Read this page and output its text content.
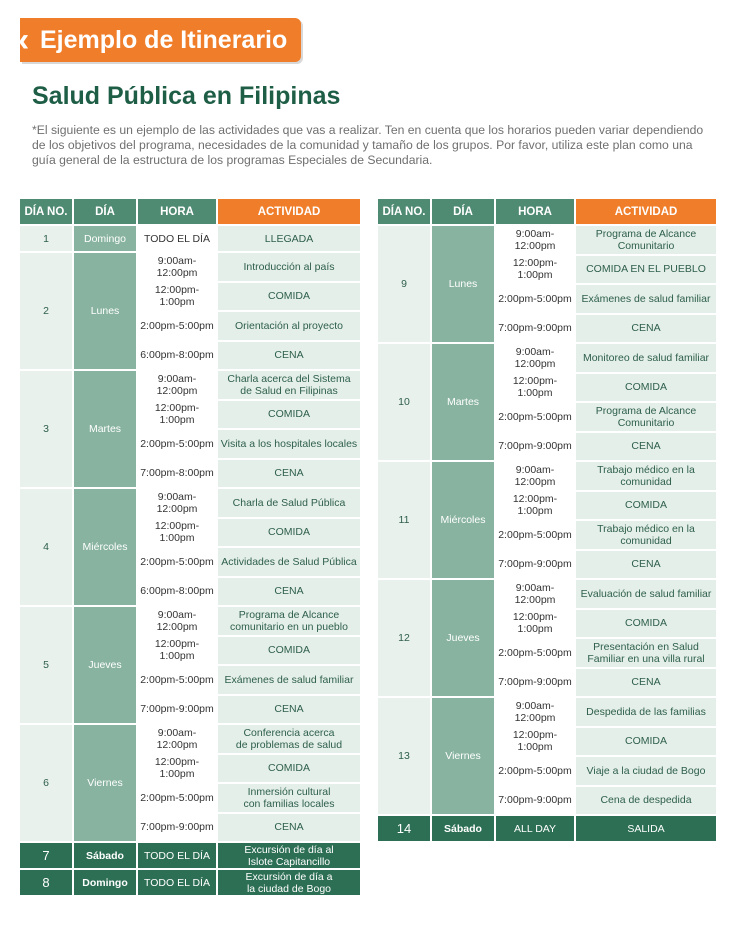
‹ Ejemplo de Itinerario
Salud Pública en Filipinas
*El siguiente es un ejemplo de las actividades que vas a realizar. Ten en cuenta que los horarios pueden variar dependiendo de los objetivos del programa, necesidades de la comunidad y tamaño de los grupos. Por favor, utiliza este plan como una guía general de la estructura de los programas Especiales de Secundaria.
DÍA NO.	DÍA	HORA	ACTIVIDAD
1	Domingo	TODO EL DÍA	LLEGADA
2	Lunes	9:00am-12:00pm	Introducción al país
		12:00pm-1:00pm	COMIDA
		2:00pm-5:00pm	Orientación al proyecto
		6:00pm-8:00pm	CENA
3	Martes	9:00am-12:00pm	Charla acerca del Sistema
de Salud en Filipinas
		12:00pm-1:00pm	COMIDA
		2:00pm-5:00pm	Visita a los hospitales locales
		7:00pm-8:00pm	CENA
4	Miércoles	9:00am-12:00pm	Charla de Salud Pública
		12:00pm-1:00pm	COMIDA
		2:00pm-5:00pm	Actividades de Salud Pública
		6:00pm-8:00pm	CENA
5	Jueves	9:00am-12:00pm	Programa de Alcance
comunitario en un pueblo
		12:00pm-1:00pm	COMIDA
		2:00pm-5:00pm	Exámenes de salud familiar
		7:00pm-9:00pm	CENA
6	Viernes	9:00am-12:00pm	Conferencia acerca
de problemas de salud
		12:00pm-1:00pm	COMIDA
		2:00pm-5:00pm	Inmersión cultural
con familias locales
		7:00pm-9:00pm	CENA
7	Sábado	TODO EL DÍA	Excursión de día al
Islote Capitancillo
8	Domingo	TODO EL DÍA	Excursión de día a
la ciudad de Bogo
DÍA NO.	DÍA	HORA	ACTIVIDAD
9	Lunes	9:00am-12:00pm	Programa de Alcance Comunitario
		12:00pm-1:00pm	COMIDA EN EL PUEBLO
		2:00pm-5:00pm	Exámenes de salud familiar
		7:00pm-9:00pm	CENA
10	Martes	9:00am-12:00pm	Monitoreo de salud familiar
		12:00pm-1:00pm	COMIDA
		2:00pm-5:00pm	Programa de Alcance Comunitario
		7:00pm-9:00pm	CENA
11	Miércoles	9:00am-12:00pm	Trabajo médico en la comunidad
		12:00pm-1:00pm	COMIDA
		2:00pm-5:00pm	Trabajo médico en la comunidad
		7:00pm-9:00pm	CENA
12	Jueves	9:00am-12:00pm	Evaluación de salud familiar
		12:00pm-1:00pm	COMIDA
		2:00pm-5:00pm	Presentación en Salud
Familiar en una villa rural
		7:00pm-9:00pm	CENA
13	Viernes	9:00am-12:00pm	Despedida de las familias
		12:00pm-1:00pm	COMIDA
		2:00pm-5:00pm	Viaje a la ciudad de Bogo
		7:00pm-9:00pm	Cena de despedida
14	Sábado	ALL DAY	SALIDA
